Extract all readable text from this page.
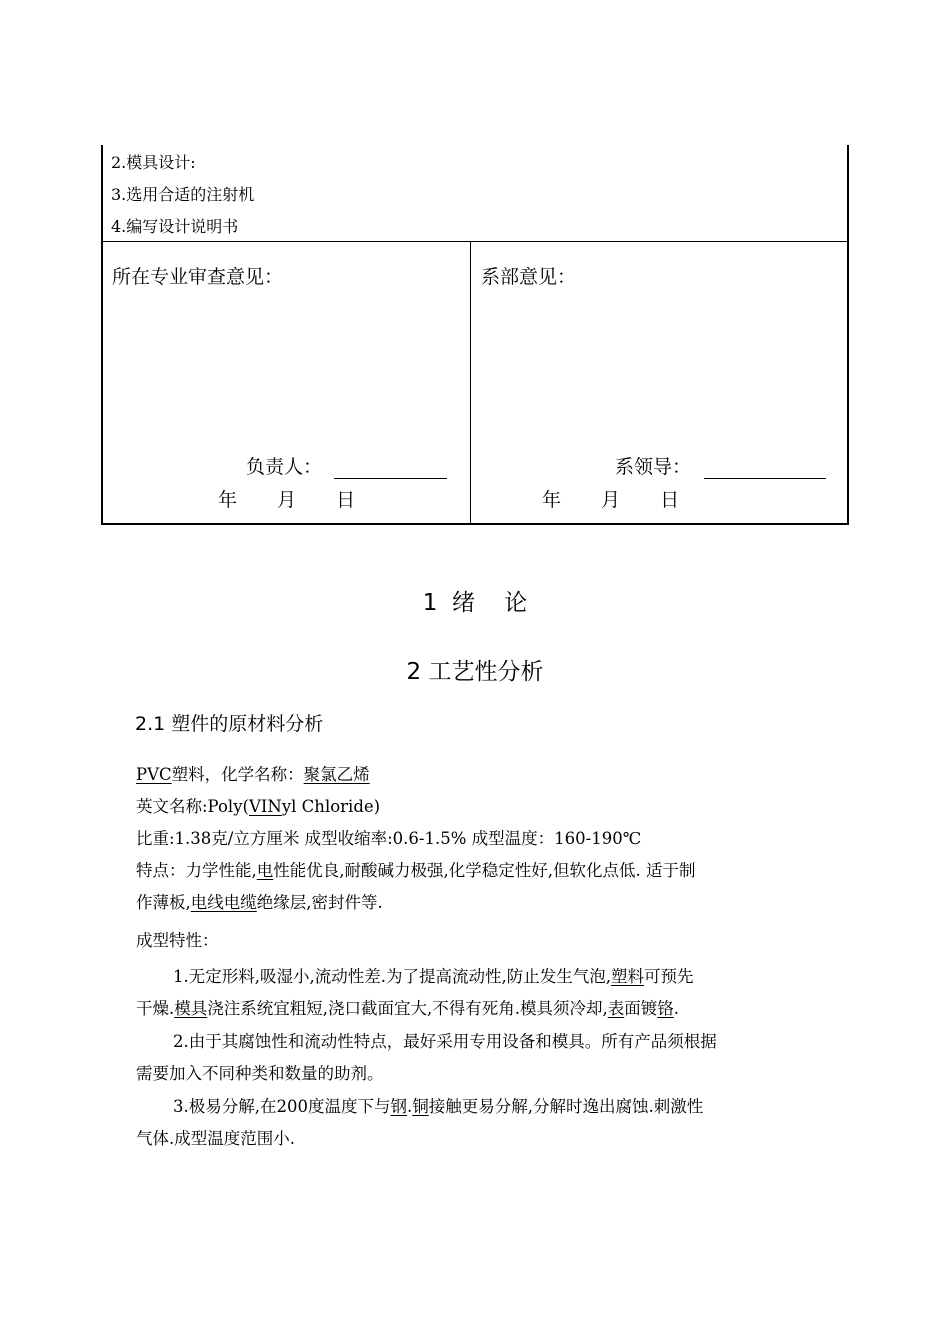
2.模具设计:
3.选用合适的注射机
4.编写设计说明书
所在专业审查意见：
负责人：
年 月 日
系部意见：
系领导：
年 月 日
1  绪    论
2 工艺性分析
2.1 塑件的原材料分析
PVC塑料，化学名称：聚氯乙烯
英文名称:Poly(VINyl Chloride)
比重:1.38克/立方厘米 成型收缩率:0.6-1.5% 成型温度：160-190℃
特点：力学性能,电性能优良,耐酸碱力极强,化学稳定性好,但软化点低. 适于制
作薄板,电线电缆绝缘层,密封件等.
成型特性：
1.无定形料,吸湿小,流动性差.为了提高流动性,防止发生气泡,塑料可预先
干燥.模具浇注系统宜粗短,浇口截面宜大,不得有死角.模具须冷却,表面镀铬.
2.由于其腐蚀性和流动性特点，最好采用专用设备和模具。所有产品须根据
需要加入不同种类和数量的助剂。
3.极易分解,在200度温度下与钢.铜接触更易分解,分解时逸出腐蚀.刺激性
气体.成型温度范围小.
